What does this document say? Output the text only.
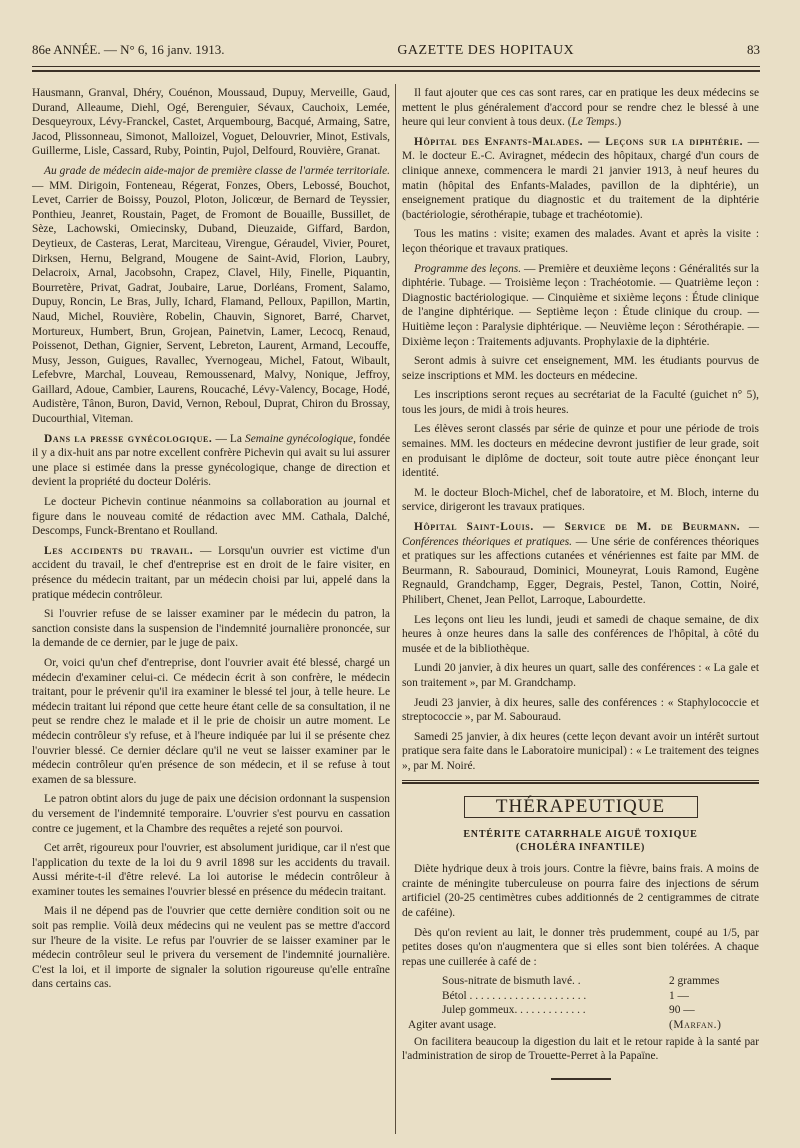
86e ANNÉE. — N° 6, 16 janv. 1913.	GAZETTE DES HOPITAUX	83

Hausmann, Granval, Dhéry, Couénon, Moussaud, Dupuy, Merveille, Gaud, Durand, Alleaume, Diehl, Ogé, Berenguier, Sévaux, Cauchoix, Lemée, Desqueyroux, Lévy-Franckel, Castet, Arquembourg, Bacqué, Armaing, Satre, Jacod, Plissonneau, Simonot, Malloizel, Voguet, Delouvrier, Minot, Estivals, Guillerme, Lisle, Cassard, Ruby, Pointin, Pujol, Delfourd, Rouvière, Granat.

Au grade de médecin aide-major de première classe de l'armée territoriale. — MM. Dirigoin, Fonteneau, Régerat, Fonzes, Obers, Lebossé, Bouchot, Levet, Carrier de Boissy, Pouzol, Ploton, Jolicœur, de Bernard de Teyssier, Ponthieu, Jeanret, Roustain, Paget, de Fromont de Bouaille, Bussillet, de Sèze, Lachowski, Omiecinsky, Duband, Dieuzaide, Giffard, Bardon, Deytieux, de Casteras, Lerat, Marciteau, Virengue, Géraudel, Vivier, Pouret, Dirksen, Hernu, Belgrand, Mougene de Saint-Avid, Florion, Laubry, Delacroix, Arnal, Jacobsohn, Crapez, Clavel, Hily, Finelle, Piquantin, Bourretère, Privat, Gadrat, Joubaire, Larue, Dorléans, Froment, Salamo, Dupuy, Roncin, Le Bras, Jully, Ichard, Flamand, Pelloux, Papillon, Martin, Naud, Michel, Rouvière, Robelin, Chauvin, Signoret, Barré, Charvet, Mortureux, Humbert, Brun, Grojean, Painetvin, Lamer, Lecocq, Renaud, Poissenot, Dethan, Gignier, Servent, Lebreton, Laurent, Armand, Lecouffe, Musy, Jesson, Guigues, Ravallec, Yvernogeau, Michel, Fatout, Wibault, Lefebvre, Marchal, Louveau, Remoussenard, Malvy, Nonique, Jeffroy, Gaillard, Adoue, Cambier, Laurens, Roucaché, Lévy-Valency, Bocage, Hodé, Audistère, Tânon, Buron, David, Vernon, Reboul, Duprat, Chiron du Brossay, Ducourthial, Viteman.

Dans la presse gynécologique. — La Semaine gynécologique, fondée il y a dix-huit ans par notre excellent confrère Pichevin qui avait su lui assurer une place si estimée dans la presse gynécologique, change de direction et devient la propriété du docteur Doléris.

Le docteur Pichevin continue néanmoins sa collaboration au journal et figure dans le nouveau comité de rédaction avec MM. Cathala, Dalché, Descomps, Funck-Brentano et Roulland.

Les accidents du travail. — Lorsqu'un ouvrier est victime d'un accident du travail, le chef d'entreprise est en droit de le faire visiter, en présence du médecin traitant, par un médecin choisi par lui, appelé dans la pratique médecin contrôleur.

Si l'ouvrier refuse de se laisser examiner par le médecin du patron, la sanction consiste dans la suspension de l'indemnité journalière prononcée, sur la demande de ce dernier, par le juge de paix.

Or, voici qu'un chef d'entreprise, dont l'ouvrier avait été blessé, chargé un médecin d'examiner celui-ci. Ce médecin écrit à son confrère, le médecin traitant, pour le prévenir qu'il ira examiner le blessé tel jour, à telle heure. Le médecin traitant lui répond que cette heure étant celle de sa consultation, il ne peut se rendre chez le malade et il le prie de choisir un autre moment. Le médecin contrôleur s'y refuse, et à l'heure indiquée par lui il se présente chez l'ouvrier blessé. Ce dernier déclare qu'il ne veut se laisser examiner par le médecin contrôleur qu'en présence de son médecin, et il se refuse à tout examen de sa blessure.

Le patron obtint alors du juge de paix une décision ordonnant la suspension du versement de l'indemnité temporaire. L'ouvrier s'est pourvu en cassation contre ce jugement, et la Chambre des requêtes a rejeté son pourvoi.

Cet arrêt, rigoureux pour l'ouvrier, est absolument juridique, car il n'est que l'application du texte de la loi du 9 avril 1898 sur les accidents du travail. Aussi mérite-t-il d'être relevé. La loi autorise le médecin contrôleur à examiner toutes les semaines l'ouvrier blessé en présence du médecin traitant.

Mais il ne dépend pas de l'ouvrier que cette dernière condition soit ou ne soit pas remplie. Voilà deux médecins qui ne veulent pas se mettre d'accord sur l'heure de la visite. Le refus par l'ouvrier de se laisser examiner par le médecin contrôleur seul le privera du versement de l'indemnité journalière. C'est la loi, et il importe de signaler la solution rigoureuse qu'elle entraîne dans certains cas.

Il faut ajouter que ces cas sont rares, car en pratique les deux médecins se mettent le plus généralement d'accord pour se rendre chez le blessé à une heure qui leur convient à tous deux. (Le Temps.)

Hôpital des Enfants-Malades. — Leçons sur la diphtérie. — M. le docteur E.-C. Aviragnet, médecin des hôpitaux, chargé d'un cours de clinique annexe, commencera le mardi 21 janvier 1913, à neuf heures du matin (hôpital des Enfants-Malades, pavillon de la diphtérie), un enseignement pratique du diagnostic et du traitement de la diphtérie (bactériologie, sérothérapie, tubage et trachéotomie).

Tous les matins : visite; examen des malades. Avant et après la visite : leçon théorique et travaux pratiques.

Programme des leçons. — Première et deuxième leçons : Généralités sur la diphtérie. Tubage. — Troisième leçon : Trachéotomie. — Quatrième leçon : Diagnostic bactériologique. — Cinquième et sixième leçons : Étude clinique de l'angine diphtérique. — Septième leçon : Étude clinique du croup. — Huitième leçon : Paralysie diphtérique. — Neuvième leçon : Sérothérapie. — Dixième leçon : Traitements adjuvants. Prophylaxie de la diphtérie.

Seront admis à suivre cet enseignement, MM. les étudiants pourvus de seize inscriptions et MM. les docteurs en médecine.

Les inscriptions seront reçues au secrétariat de la Faculté (guichet n° 5), tous les jours, de midi à trois heures.

Les élèves seront classés par série de quinze et pour une période de trois semaines. MM. les docteurs en médecine devront justifier de leur grade, soit en produisant le diplôme de docteur, soit toute autre pièce énonçant leur identité.

M. le docteur Bloch-Michel, chef de laboratoire, et M. Bloch, interne du service, dirigeront les travaux pratiques.

Hôpital Saint-Louis. — Service de M. de Beurmann. — Conférences théoriques et pratiques. — Une série de conférences théoriques et pratiques sur les affections cutanées et vénériennes est faite par MM. de Beurmann, R. Sabouraud, Dominici, Mouneyrat, Louis Ramond, Eugène Regnauld, Grandchamp, Egger, Degrais, Pestel, Tanon, Cottin, Noiré, Philibert, Chenet, Jean Pellot, Larroque, Labourdette.

Les leçons ont lieu les lundi, jeudi et samedi de chaque semaine, de dix heures à onze heures dans la salle des conférences de l'hôpital, à côté du musée et de la bibliothèque.

Lundi 20 janvier, à dix heures un quart, salle des conférences : « La gale et son traitement », par M. Grandchamp.

Jeudi 23 janvier, à dix heures, salle des conférences : « Staphylococcie et streptococcie », par M. Sabouraud.

Samedi 25 janvier, à dix heures (cette leçon devant avoir un intérêt surtout pratique sera faite dans le Laboratoire municipal) : « Le traitement des teignes », par M. Noiré.

THÉRAPEUTIQUE
ENTÉRITE CATARRHALE AIGUË TOXIQUE
(CHOLÉRA INFANTILE)

Diète hydrique deux à trois jours. Contre la fièvre, bains frais. A moins de crainte de méningite tuberculeuse on pourra faire des injections de sérum artificiel (20-25 centimètres cubes additionnés de 2 centigrammes de citrate de caféine).

Dès qu'on revient au lait, le donner très prudemment, coupé au 1/5, par petites doses qu'on n'augmentera que si elles sont bien tolérées. A chaque repas une cuillerée à café de :

Sous-nitrate de bismuth lavé. .	2 grammes
Bétol . . . . . . . . . . . . . . . . . . . . .	1 —
Julep gommeux. . . . . . . . . . . . .	90 —
Agiter avant usage.	(Marfan.)

On facilitera beaucoup la digestion du lait et le retour rapide à la santé par l'administration de sirop de Trouette-Perret à la Papaïne.
